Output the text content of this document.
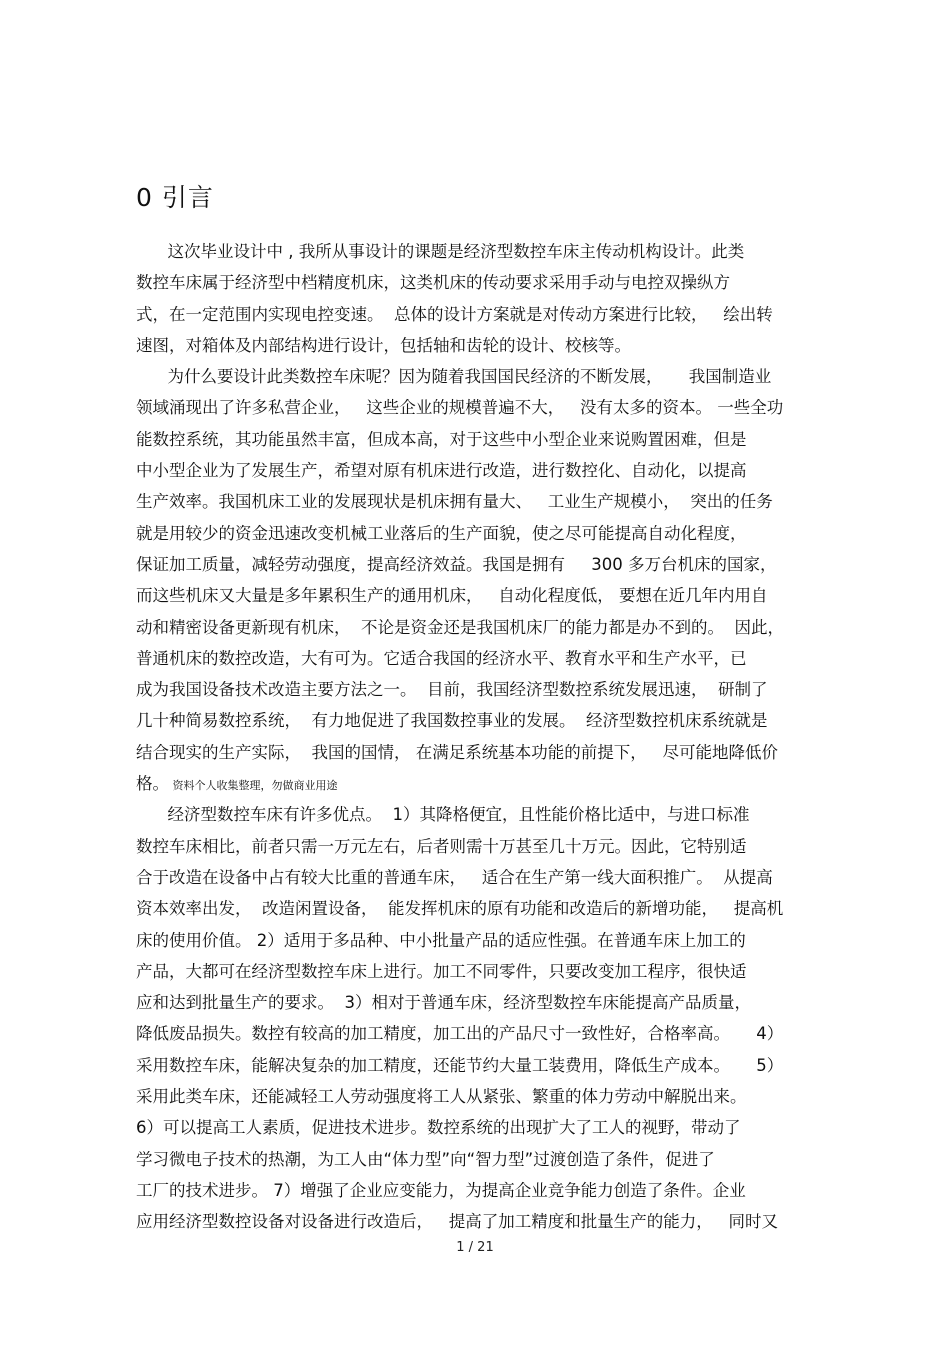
0 引言
这次毕业设计中 , 我所从事设计的课题是经济型数控车床主传动机构设计。此类
数控车床属于经济型中档精度机床，这类机床的传动要求采用手动与电控双操纵方
式，在一定范围内实现电控变速。  总体的设计方案就是对传动方案进行比较，   绘出转
速图，对箱体及内部结构进行设计，包括轴和齿轮的设计、校核等。
为什么要设计此类数控车床呢？因为随着我国国民经济的不断发展，     我国制造业
领域涌现出了许多私营企业，   这些企业的规模普遍不大，   没有太多的资本。 一些全功
能数控系统，其功能虽然丰富，但成本高，对于这些中小型企业来说购置困难，但是
中小型企业为了发展生产，希望对原有机床进行改造，进行数控化、自动化，以提高
生产效率。我国机床工业的发展现状是机床拥有量大、   工业生产规模小，  突出的任务
就是用较少的资金迅速改变机械工业落后的生产面貌，使之尽可能提高自动化程度，
保证加工质量，减轻劳动强度，提高经济效益。我国是拥有     300 多万台机床的国家，
而这些机床又大量是多年累积生产的通用机床，   自动化程度低， 要想在近几年内用自
动和精密设备更新现有机床，  不论是资金还是我国机床厂的能力都是办不到的。  因此，
普通机床的数控改造，大有可为。它适合我国的经济水平、教育水平和生产水平，已
成为我国设备技术改造主要方法之一。  目前，我国经济型数控系统发展迅速，  研制了
几十种简易数控系统，  有力地促进了我国数控事业的发展。  经济型数控机床系统就是
结合现实的生产实际，  我国的国情， 在满足系统基本功能的前提下，   尽可能地降低价
格。 资料个人收集整理，勿做商业用途
经济型数控车床有许多优点。  1）其降格便宜，且性能价格比适中，与进口标准
数控车床相比，前者只需一万元左右，后者则需十万甚至几十万元。因此，它特别适
合于改造在设备中占有较大比重的普通车床，   适合在生产第一线大面积推广。  从提高
资本效率出发，  改造闲置设备，  能发挥机床的原有功能和改造后的新增功能，   提高机
床的使用价值。 2）适用于多品种、中小批量产品的适应性强。在普通车床上加工的
产品，大都可在经济型数控车床上进行。加工不同零件，只要改变加工程序，很快适
应和达到批量生产的要求。  3）相对于普通车床，经济型数控车床能提高产品质量，
降低废品损失。数控有较高的加工精度，加工出的产品尺寸一致性好，合格率高。     4）
采用数控车床，能解决复杂的加工精度，还能节约大量工装费用，降低生产成本。     5）
采用此类车床，还能减轻工人劳动强度将工人从紧张、繁重的体力劳动中解脱出来。
6）可以提高工人素质，促进技术进步。数控系统的出现扩大了工人的视野，带动了
学习微电子技术的热潮，为工人由“体力型”向“智力型”过渡创造了条件，促进了
工厂的技术进步。 7）增强了企业应变能力，为提高企业竞争能力创造了条件。企业
应用经济型数控设备对设备进行改造后，   提高了加工精度和批量生产的能力，   同时又
1 / 21
